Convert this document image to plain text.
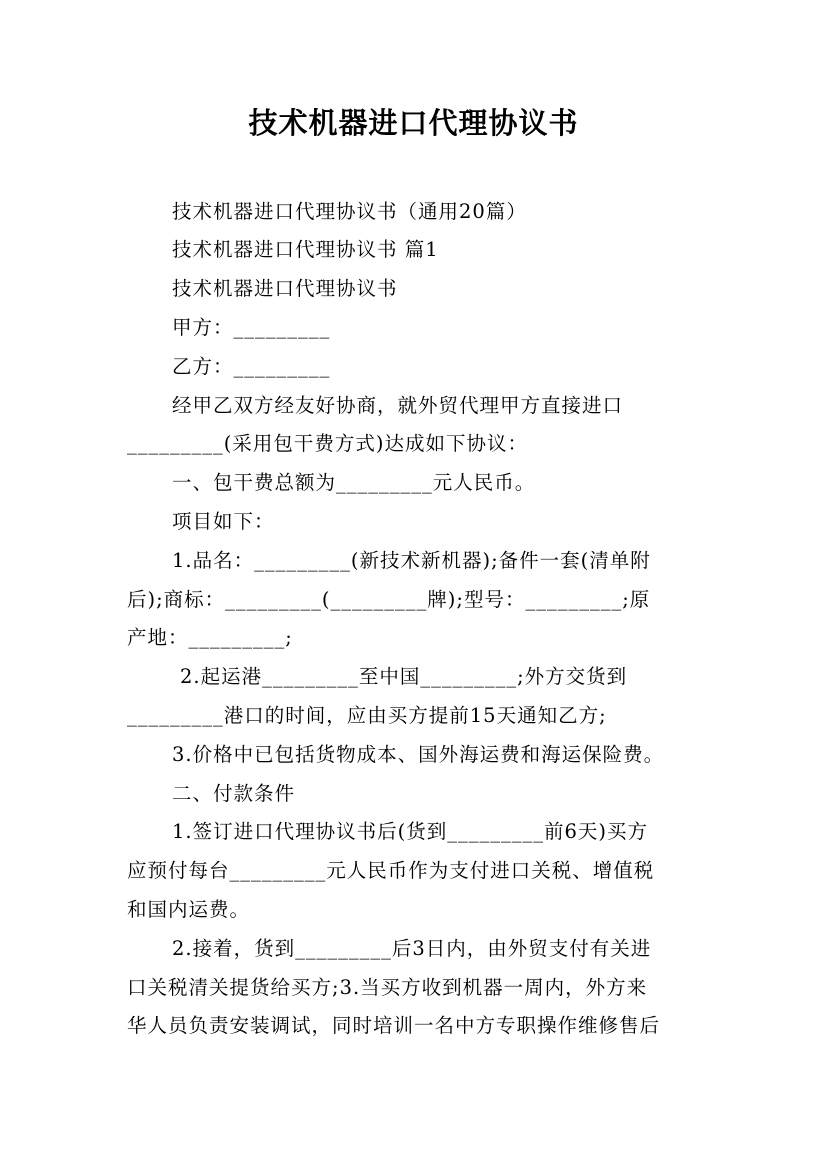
技术机器进口代理协议书
技术机器进口代理协议书（通用20篇）
技术机器进口代理协议书 篇1
技术机器进口代理协议书
甲方：_________
乙方：_________
经甲乙双方经友好协商，就外贸代理甲方直接进口
_________(采用包干费方式)达成如下协议：
一、包干费总额为_________元人民币。
项目如下：
1.品名：_________(新技术新机器);备件一套(清单附
后);商标：_________(_________牌);型号：_________;原
产地：_________;
2.起运港_________至中国_________;外方交货到
_________港口的时间，应由买方提前15天通知乙方;
3.价格中已包括货物成本、国外海运费和海运保险费。
二、付款条件
1.签订进口代理协议书后(货到_________前6天)买方
应预付每台_________元人民币作为支付进口关税、增值税
和国内运费。
2.接着，货到_________后3日内，由外贸支付有关进
口关税清关提货给买方;3.当买方收到机器一周内，外方来
华人员负责安装调试，同时培训一名中方专职操作维修售后
